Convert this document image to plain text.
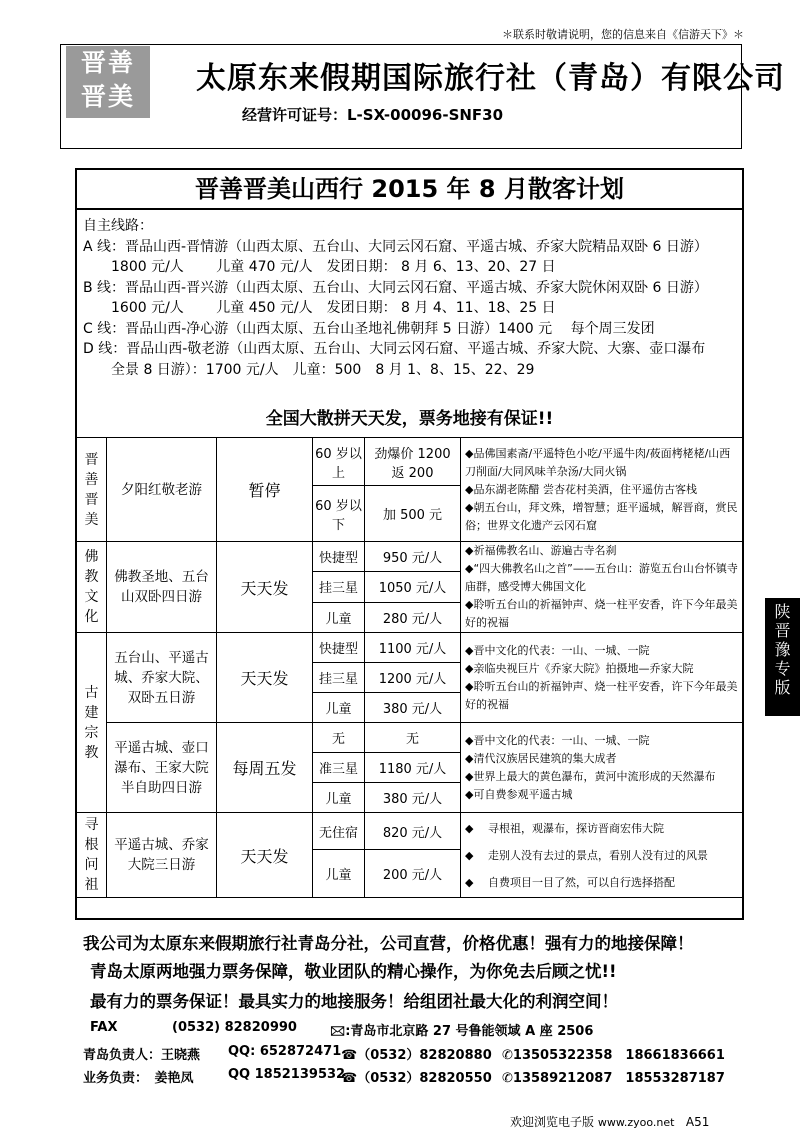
＊联系时敬请说明，您的信息来自《信游天下》＊
晋善
晋美
太原东来假期国际旅行社（青岛）有限公司
经营许可证号：L-SX-00096-SNF30
晋善晋美山西行 2015 年 8 月散客计划
自主线路：
A 线：晋品山西-晋情游（山西太原、五台山、大同云冈石窟、平遥古城、乔家大院精品双卧 6 日游）
　　1800 元/人　　 儿童 470 元/人　发团日期： 8 月 6、13、20、27 日
B 线：晋品山西-晋兴游（山西太原、五台山、大同云冈石窟、平遥古城、乔家大院休闲双卧 6 日游）
　　1600 元/人　　 儿童 450 元/人　发团日期： 8 月 4、11、18、25 日
C 线：晋品山西-净心游（山西太原、五台山圣地礼佛朝拜 5 日游）1400 元　 每个周三发团
D 线：晋品山西-敬老游（山西太原、五台山、大同云冈石窟、平遥古城、乔家大院、大寨、壶口瀑布
　　全景 8 日游）：1700 元/人　儿童：500　8 月 1、8、15、22、29
全国大散拼天天发，票务地接有保证!!
晋善晋美	夕阳红敬老游	暂停	60 岁以上	劲爆价 1200 返 200	◆品佛国素斋/平遥特色小吃/平遥牛肉/莜面栲栳栳/山西刀削面/大同风味羊杂汤/大同火锅
◆品东湖老陈醋 尝杏花村美酒，住平遥仿古客栈
◆朝五台山，拜文殊，增智慧；逛平遥城，解晋商，赏民俗；世界文化遗产云冈石窟

			60 岁以下	加 500 元	
佛教文化	佛教圣地、五台山双卧四日游	天天发	快捷型	950 元/人	◆祈福佛教名山、游遍古寺名刹
◆“四大佛教名山之首”——五台山：游览五台山台怀镇寺庙群，感受博大佛国文化
◆聆听五台山的祈福钟声、烧一柱平安香，许下今年最美好的祝福

			挂三星	1050 元/人	
			儿童	280 元/人	
古建宗教	五台山、平遥古城、乔家大院、双卧五日游	天天发	快捷型	1100 元/人	◆晋中文化的代表：一山、一城、一院
◆亲临央视巨片《乔家大院》拍摄地—乔家大院
◆聆听五台山的祈福钟声、烧一柱平安香，许下今年最美好的祝福

			挂三星	1200 元/人	
			儿童	380 元/人	
	平遥古城、壶口瀑布、王家大院半自助四日游	每周五发	无	无	◆晋中文化的代表：一山、一城、一院
◆清代汉族居民建筑的集大成者
◆世界上最大的黄色瀑布，黄河中流形成的天然瀑布
◆可自费参观平遥古城

			准三星	1180 元/人	
			儿童	380 元/人	
寻根问祖	平遥古城、乔家大院三日游	天天发	无住宿	820 元/人	◆　 寻根祖，观瀑布，探访晋商宏伟大院
◆　 走别人没有去过的景点，看别人没有过的风景
◆　 自费项目一目了然，可以自行选择搭配

			儿童	200 元/人	
陕晋豫专版
我公司为太原东来假期旅行社青岛分社，公司直营，价格优惠！强有力的地接保障！
青岛太原两地强力票务保障，敬业团队的精心操作，为你免去后顾之忧!!
最有力的票务保证！最具实力的地接服务！给组团社最大化的利润空间！
FAX	(0532) 82820990	🖂:青岛市北京路 27 号鲁能领域 A 座 2506
青岛负责人：王晓燕 QQ: 652872471 ☎（0532）82820880 ✆13505322358　18661836661
业务负责：　姜艳凤	QQ 1852139532
☎（0532）82820550 ✆13589212087　18553287187
欢迎浏览电子版 www.zyoo.net A51
